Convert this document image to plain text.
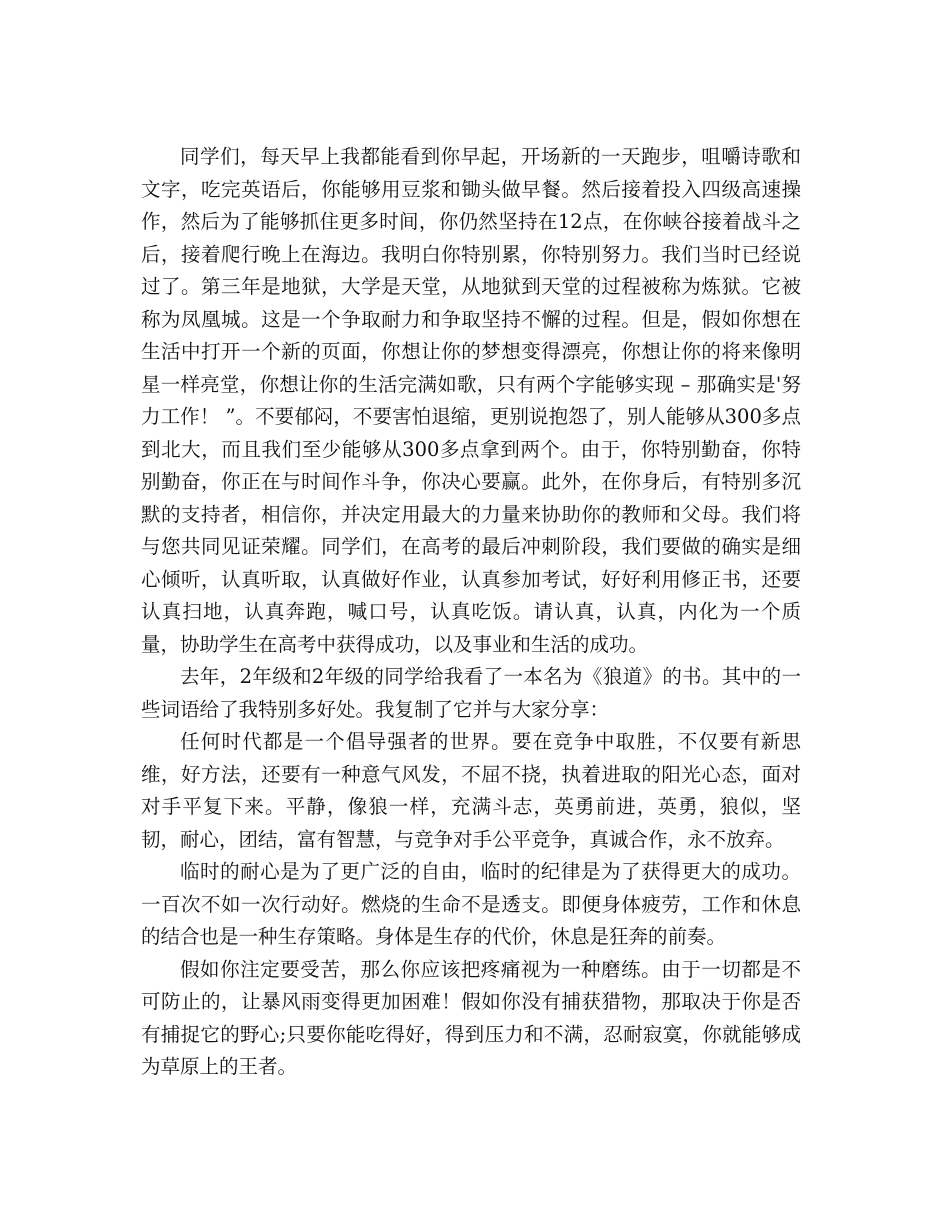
同学们，每天早上我都能看到你早起，开场新的一天跑步，咀嚼诗歌和文字，吃完英语后，你能够用豆浆和锄头做早餐。然后接着投入四级高速操作，然后为了能够抓住更多时间，你仍然坚持在12点，在你峡谷接着战斗之后，接着爬行晚上在海边。我明白你特别累，你特别努力。我们当时已经说过了。第三年是地狱，大学是天堂，从地狱到天堂的过程被称为炼狱。它被称为凤凰城。这是一个争取耐力和争取坚持不懈的过程。但是，假如你想在生活中打开一个新的页面，你想让你的梦想变得漂亮，你想让你的将来像明星一样亮堂，你想让你的生活完满如歌，只有两个字能够实现 – 那确实是'努力工作！ ”。不要郁闷，不要害怕退缩，更别说抱怨了，别人能够从300多点到北大，而且我们至少能够从300多点拿到两个。由于，你特别勤奋，你特别勤奋，你正在与时间作斗争，你决心要赢。此外，在你身后，有特别多沉默的支持者，相信你，并决定用最大的力量来协助你的教师和父母。我们将与您共同见证荣耀。同学们，在高考的最后冲刺阶段，我们要做的确实是细心倾听，认真听取，认真做好作业，认真参加考试，好好利用修正书，还要认真扫地，认真奔跑，喊口号，认真吃饭。请认真，认真，内化为一个质量，协助学生在高考中获得成功，以及事业和生活的成功。

去年，2年级和2年级的同学给我看了一本名为《狼道》的书。其中的一些词语给了我特别多好处。我复制了它并与大家分享：

任何时代都是一个倡导强者的世界。要在竞争中取胜，不仅要有新思维，好方法，还要有一种意气风发，不屈不挠，执着进取的阳光心态，面对对手平复下来。平静，像狼一样，充满斗志，英勇前进，英勇，狼似，坚韧，耐心，团结，富有智慧，与竞争对手公平竞争，真诚合作，永不放弃。

临时的耐心是为了更广泛的自由，临时的纪律是为了获得更大的成功。一百次不如一次行动好。燃烧的生命不是透支。即便身体疲劳，工作和休息的结合也是一种生存策略。身体是生存的代价，休息是狂奔的前奏。

假如你注定要受苦，那么你应该把疼痛视为一种磨练。由于一切都是不可防止的，让暴风雨变得更加困难！假如你没有捕获猎物，那取决于你是否有捕捉它的野心;只要你能吃得好，得到压力和不满，忍耐寂寞，你就能够成为草原上的王者。
